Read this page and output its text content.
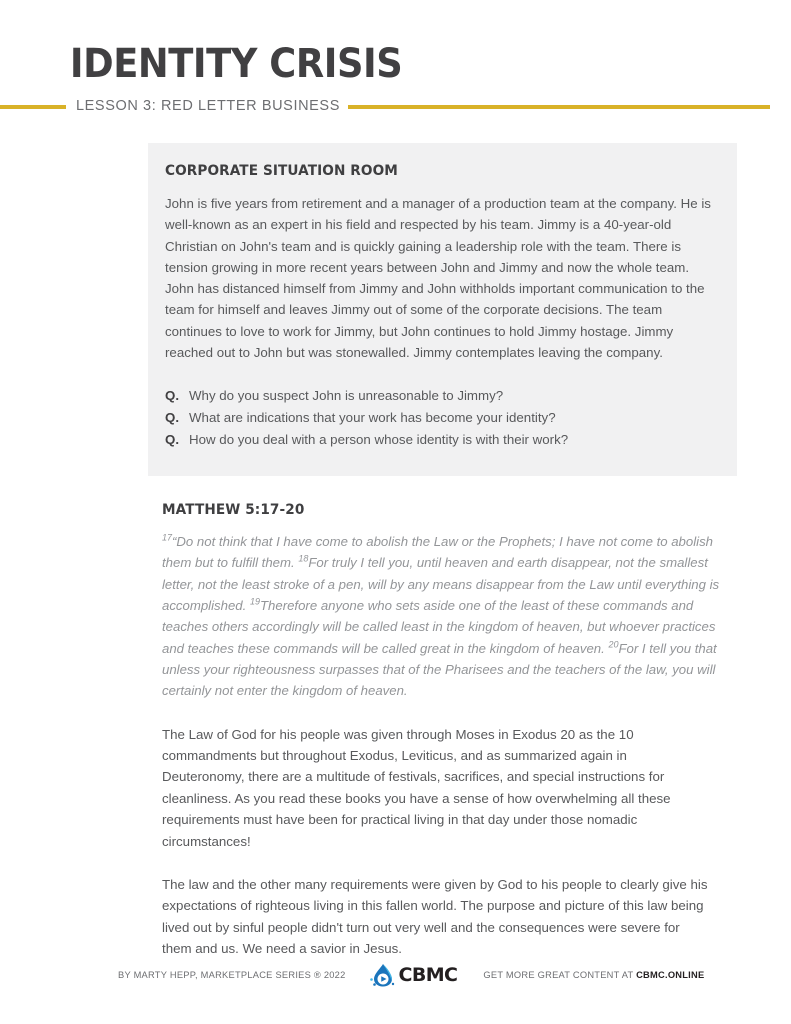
IDENTITY CRISIS
LESSON 3: RED LETTER BUSINESS
CORPORATE SITUATION ROOM

John is five years from retirement and a manager of a production team at the company. He is well-known as an expert in his field and respected by his team. Jimmy is a 40-year-old Christian on John's team and is quickly gaining a leadership role with the team. There is tension growing in more recent years between John and Jimmy and now the whole team. John has distanced himself from Jimmy and John withholds important communication to the team for himself and leaves Jimmy out of some of the corporate decisions. The team continues to love to work for Jimmy, but John continues to hold Jimmy hostage. Jimmy reached out to John but was stonewalled. Jimmy contemplates leaving the company.

Q. Why do you suspect John is unreasonable to Jimmy?
Q. What are indications that your work has become your identity?
Q. How do you deal with a person whose identity is with their work?
MATTHEW 5:17-20

$^{17}$“Do not think that I have come to abolish the Law or the Prophets; I have not come to abolish them but to fulfill them. $^{18}$For truly I tell you, until heaven and earth disappear, not the smallest letter, not the least stroke of a pen, will by any means disappear from the Law until everything is accomplished. $^{19}$Therefore anyone who sets aside one of the least of these commands and teaches others accordingly will be called least in the kingdom of heaven, but whoever practices and teaches these commands will be called great in the kingdom of heaven. $^{20}$For I tell you that unless your righteousness surpasses that of the Pharisees and the teachers of the law, you will certainly not enter the kingdom of heaven.

The Law of God for his people was given through Moses in Exodus 20 as the 10 commandments but throughout Exodus, Leviticus, and as summarized again in Deuteronomy, there are a multitude of festivals, sacrifices, and special instructions for cleanliness. As you read these books you have a sense of how overwhelming all these requirements must have been for practical living in that day under those nomadic circumstances!

The law and the other many requirements were given by God to his people to clearly give his expectations of righteous living in this fallen world. The purpose and picture of this law being lived out by sinful people didn't turn out very well and the consequences were severe for them and us. We need a savior in Jesus.

BY MARTY HEPP, MARKETPLACE SERIES ® 2022	CBMC	GET MORE GREAT CONTENT AT CBMC.ONLINE
